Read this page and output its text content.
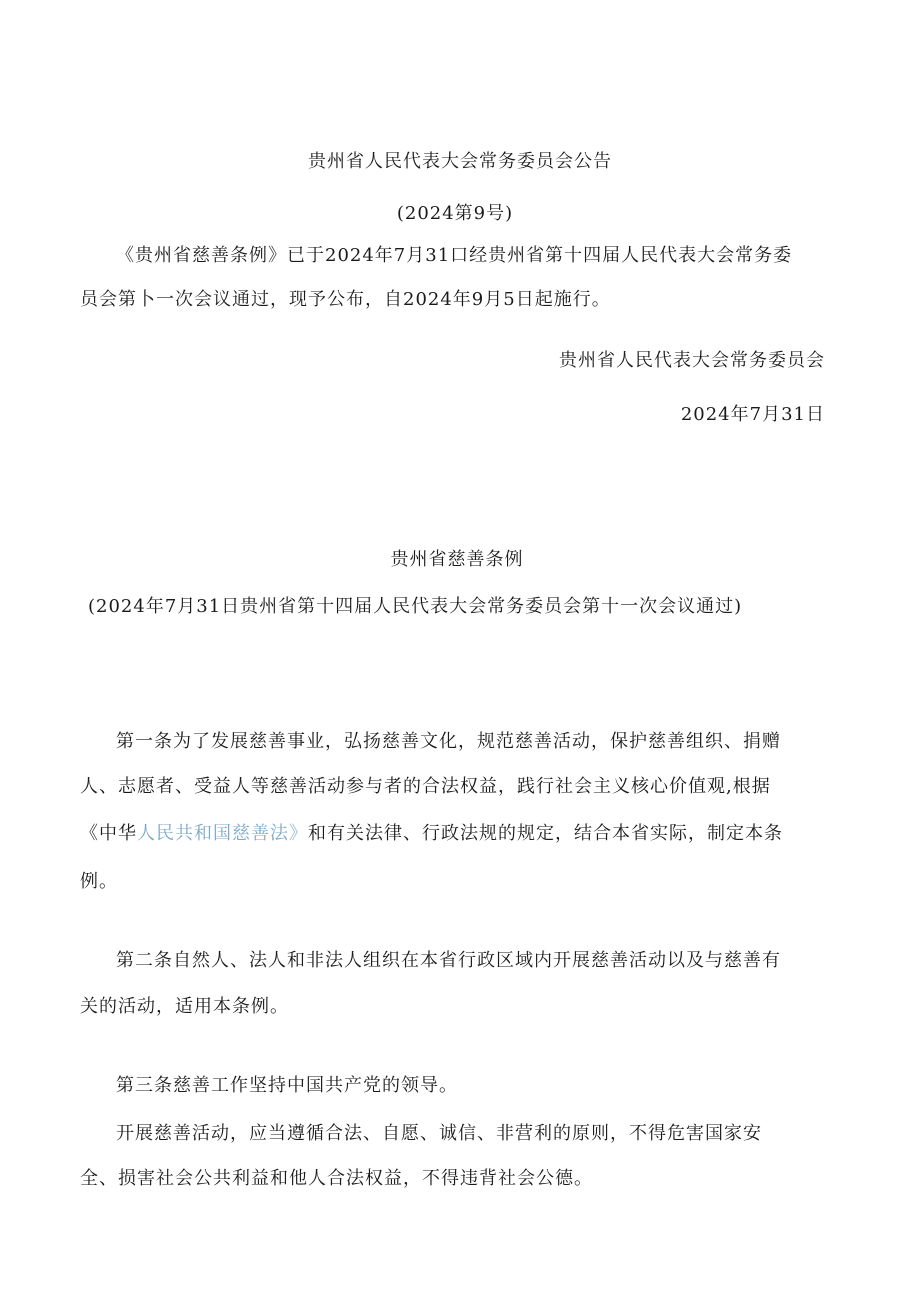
贵州省人民代表大会常务委员会公告
(2024第9号)
《贵州省慈善条例》已于2024年7月31口经贵州省第十四届人民代表大会常务委
员会第卜一次会议通过，现予公布，自2024年9月5日起施行。
贵州省人民代表大会常务委员会
2024年7月31日
贵州省慈善条例
(2024年7月31日贵州省第十四届人民代表大会常务委员会第十一次会议通过)
第一条为了发展慈善事业，弘扬慈善文化，规范慈善活动，保护慈善组织、捐赠
人、志愿者、受益人等慈善活动参与者的合法权益，践行社会主义核心价值观,根据
《中华人民共和国慈善法》和有关法律、行政法规的规定，结合本省实际，制定本条
例。
第二条自然人、法人和非法人组织在本省行政区域内开展慈善活动以及与慈善有
关的活动，适用本条例。
第三条慈善工作坚持中国共产党的领导。
开展慈善活动，应当遵循合法、自愿、诚信、非营利的原则，不得危害国家安
全、损害社会公共利益和他人合法权益，不得违背社会公德。
